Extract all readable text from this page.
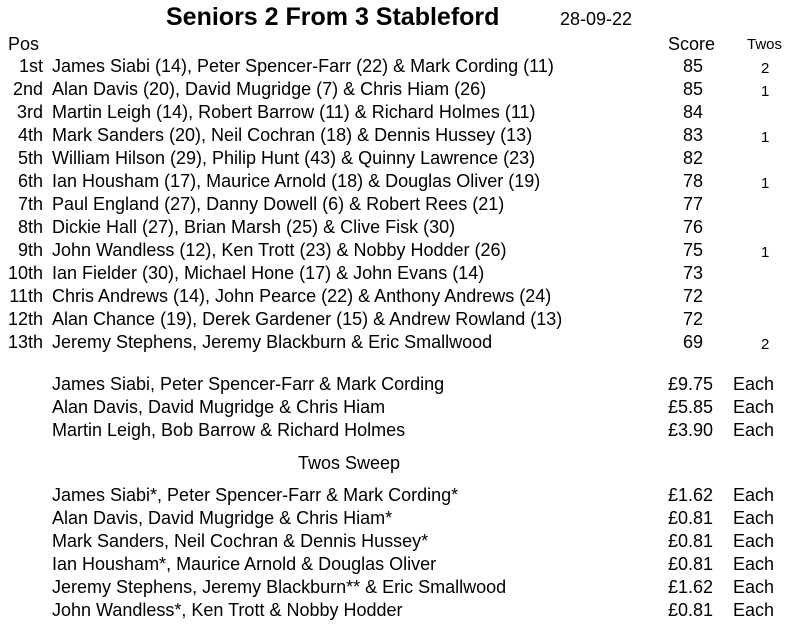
Seniors 2 From 3 Stableford	28-09-22
Pos	Score Twos
1st James Siabi (14), Peter Spencer-Farr (22) & Mark Cording (11)	85	2
2nd Alan Davis (20), David Mugridge (7) & Chris Hiam (26)	85	1
3rd Martin Leigh (14), Robert Barrow (11) & Richard Holmes (11)	84
4th Mark Sanders (20), Neil Cochran (18) & Dennis Hussey (13)	83	1
5th William Hilson (29), Philip Hunt (43) & Quinny Lawrence (23)	82
6th Ian Housham (17), Maurice Arnold (18) & Douglas Oliver (19)	78	1
7th Paul England (27), Danny Dowell (6) & Robert Rees (21)	77
8th Dickie Hall (27), Brian Marsh (25) & Clive Fisk (30)	76
9th John Wandless (12), Ken Trott (23) & Nobby Hodder (26)	75	1
10th Ian Fielder (30), Michael Hone (17) & John Evans (14)	73
11th Chris Andrews (14), John Pearce (22) & Anthony Andrews (24)	72
12th Alan Chance (19), Derek Gardener (15) & Andrew Rowland (13)	72
13th Jeremy Stephens, Jeremy Blackburn & Eric Smallwood	69	2
James Siabi, Peter Spencer-Farr & Mark Cording	£9.75 Each
Alan Davis, David Mugridge & Chris Hiam	£5.85 Each
Martin Leigh, Bob Barrow & Richard Holmes	£3.90 Each
Twos Sweep
James Siabi*, Peter Spencer-Farr & Mark Cording*	£1.62 Each
Alan Davis, David Mugridge & Chris Hiam*	£0.81 Each
Mark Sanders, Neil Cochran & Dennis Hussey*	£0.81 Each
Ian Housham*, Maurice Arnold & Douglas Oliver	£0.81 Each
Jeremy Stephens, Jeremy Blackburn** & Eric Smallwood	£1.62 Each
John Wandless*, Ken Trott & Nobby Hodder	£0.81 Each
